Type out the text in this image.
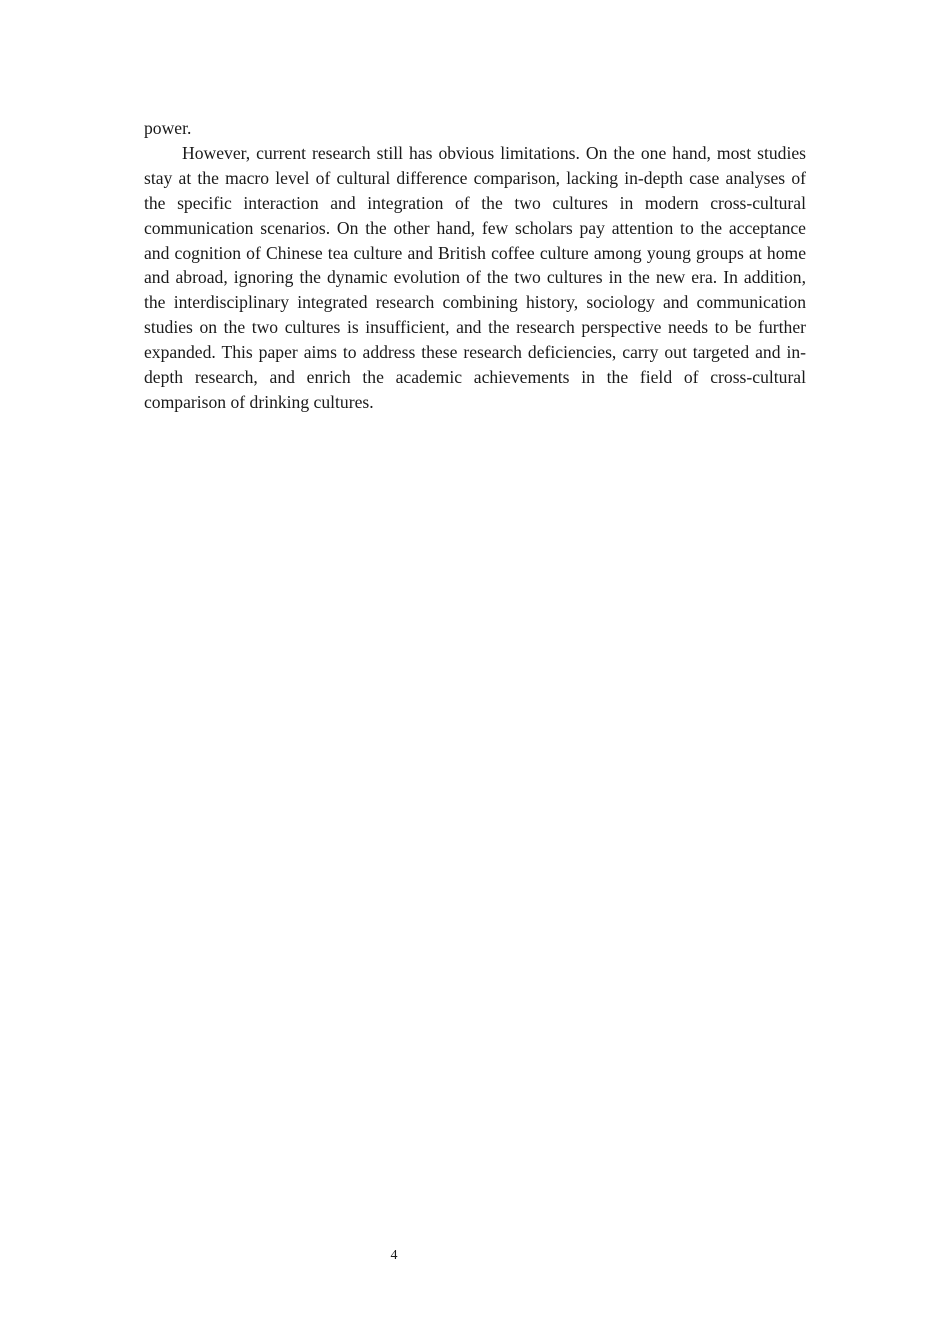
power.

However, current research still has obvious limitations. On the one hand, most studies stay at the macro level of cultural difference comparison, lacking in-depth case analyses of the specific interaction and integration of the two cultures in modern cross-cultural communication scenarios. On the other hand, few scholars pay attention to the acceptance and cognition of Chinese tea culture and British coffee culture among young groups at home and abroad, ignoring the dynamic evolution of the two cultures in the new era. In addition, the interdisciplinary integrated research combining history, sociology and communication studies on the two cultures is insufficient, and the research perspective needs to be further expanded. This paper aims to address these research deficiencies, carry out targeted and in-depth research, and enrich the academic achievements in the field of cross-cultural comparison of drinking cultures.

4
